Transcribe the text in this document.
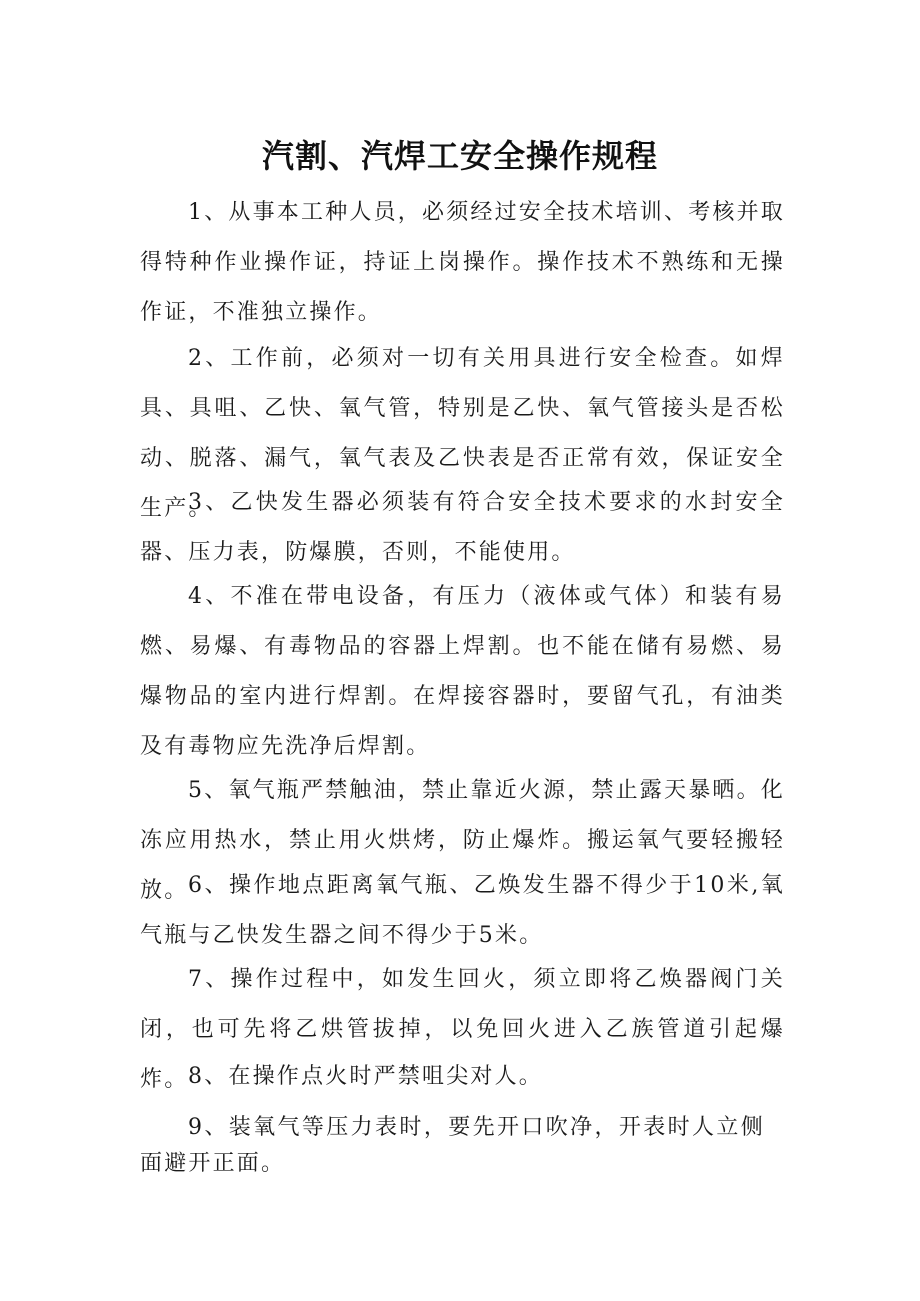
汽割、汽焊工安全操作规程

1、从事本工种人员，必须经过安全技术培训、考核并取得特种作业操作证，持证上岗操作。操作技术不熟练和无操作证，不准独立操作。

2、工作前，必须对一切有关用具进行安全检查。如焊具、具咀、乙快、氧气管，特别是乙快、氧气管接头是否松动、脱落、漏气，氧气表及乙快表是否正常有效，保证安全生产。

3、乙快发生器必须装有符合安全技术要求的水封安全器、压力表，防爆膜，否则，不能使用。

4、不准在带电设备，有压力（液体或气体）和装有易燃、易爆、有毒物品的容器上焊割。也不能在储有易燃、易爆物品的室内进行焊割。在焊接容器时，要留气孔，有油类及有毒物应先洗净后焊割。

5、氧气瓶严禁触油，禁止靠近火源，禁止露天暴晒。化冻应用热水，禁止用火烘烤，防止爆炸。搬运氧气要轻搬轻放。 6、操作地点距离氧气瓶、乙焕发生器不得少于10米,氧气瓶与乙快发生器之间不得少于5米。

7、操作过程中，如发生回火，须立即将乙焕器阀门关闭，也可先将乙烘管拔掉，以免回火进入乙族管道引起爆炸。 8、在操作点火时严禁咀尖对人。

9、装氧气等压力表时，要先开口吹净，开表时人立侧面避开正面。
